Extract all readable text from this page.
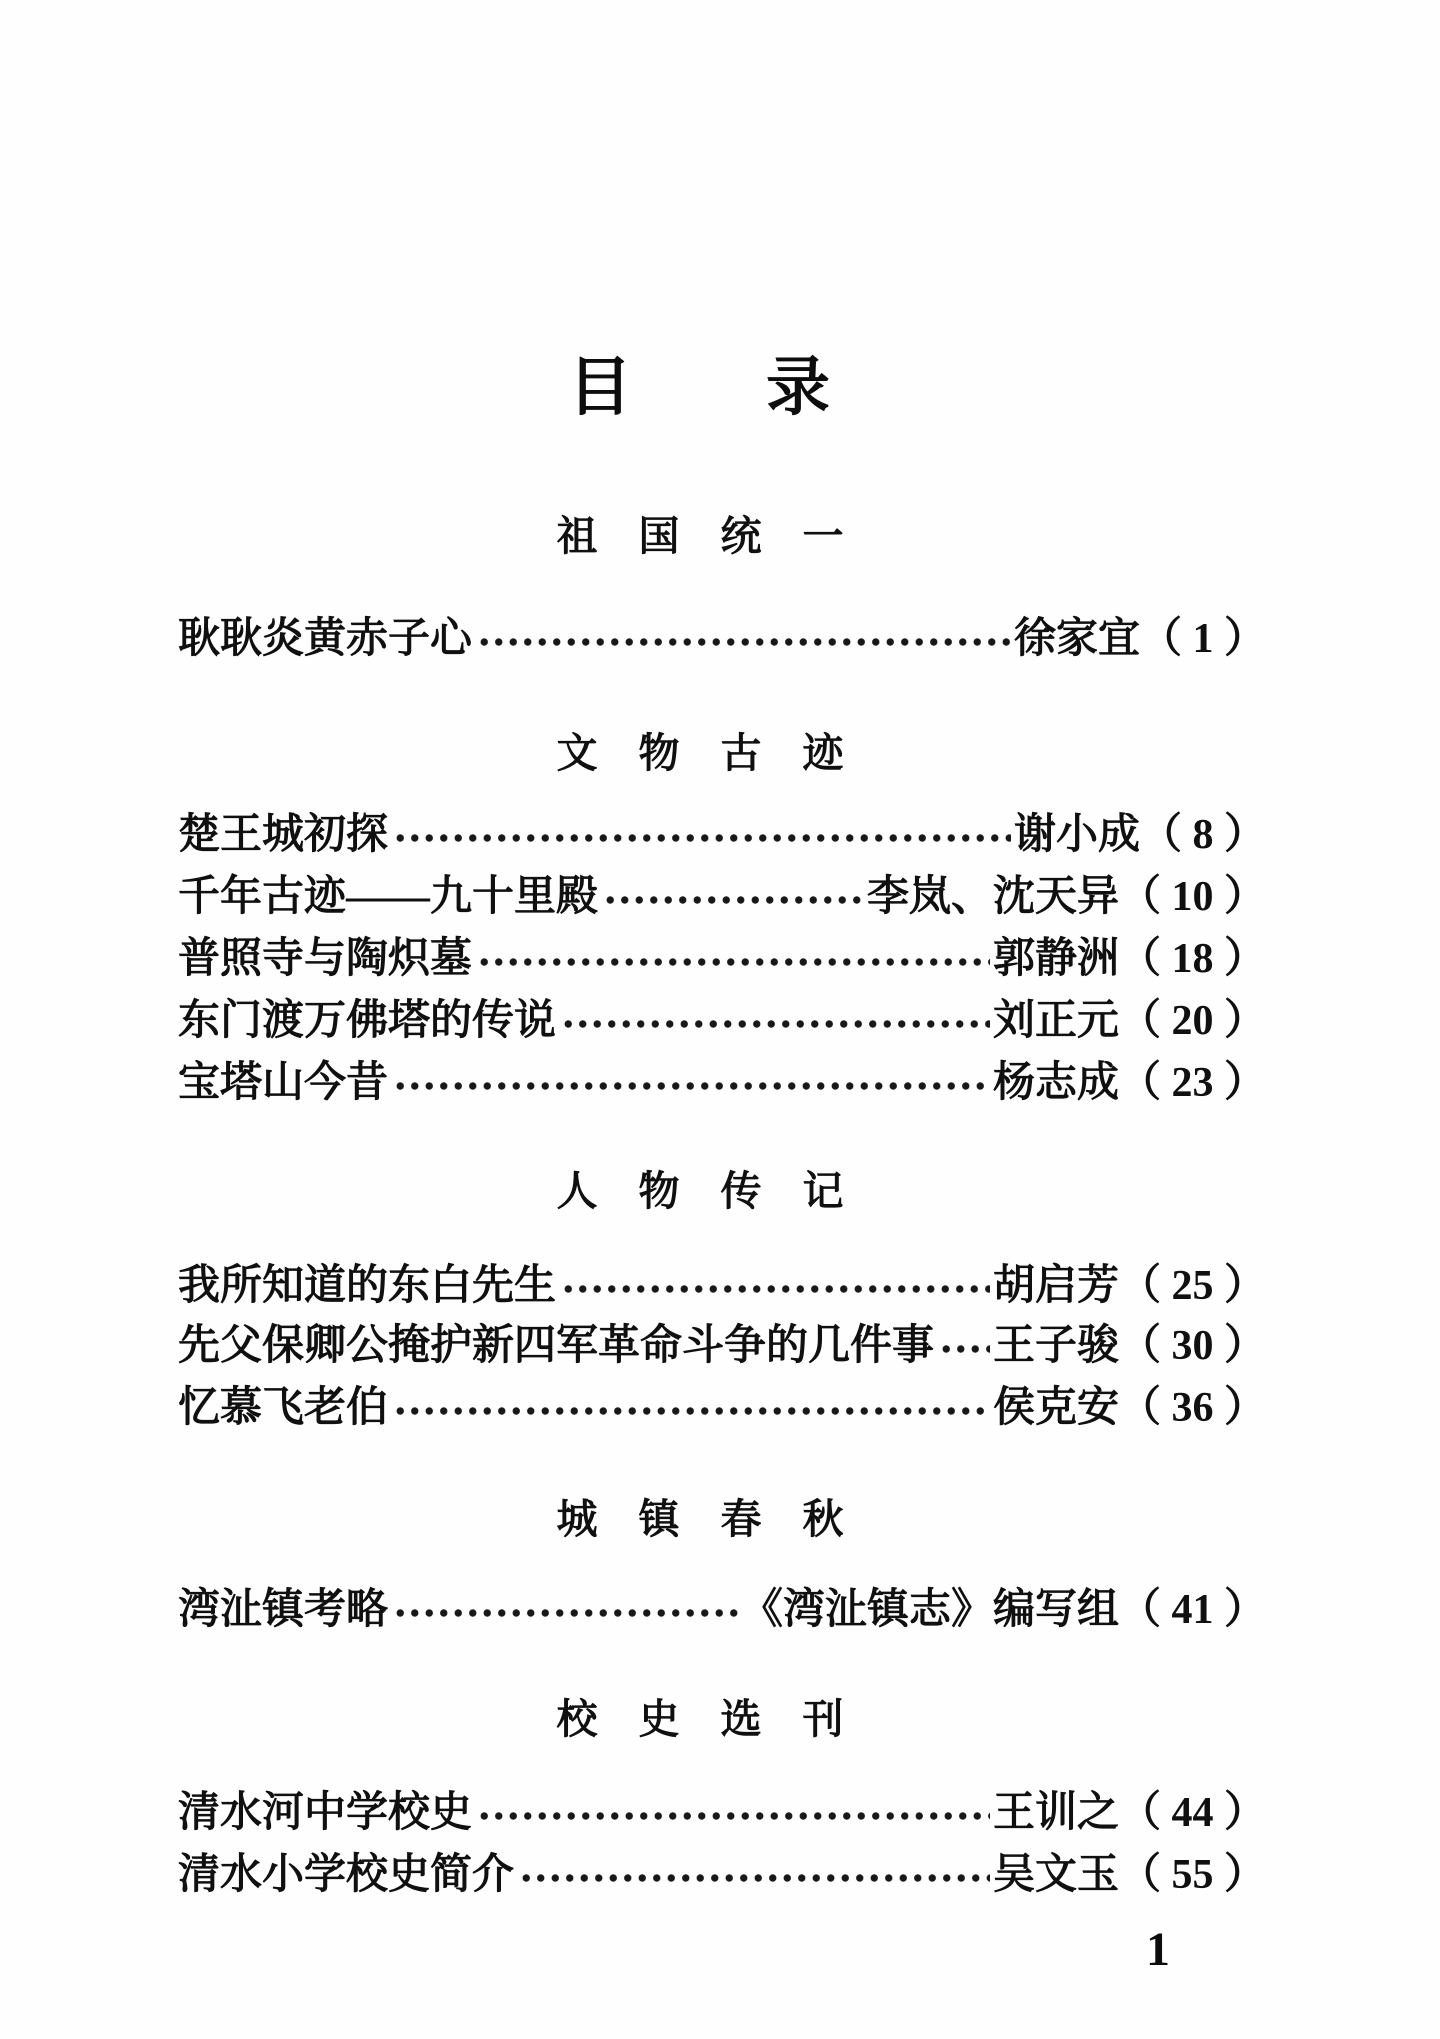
目　　录
祖　国　统　一
耿耿炎黄赤子心	徐家宜 （ 1 ）
文　物　古　迹
楚王城初探	谢小成 （ 8 ）
千年古迹——九十里殿	李岚、沈天异 （ 10 ）
普照寺与陶炽墓	郭静洲 （ 18 ）
东门渡万佛塔的传说	刘正元 （ 20 ）
宝塔山今昔	杨志成 （ 23 ）
人　物　传　记
我所知道的东白先生	胡启芳 （ 25 ）
先父保卿公掩护新四军革命斗争的几件事 王子骏 （ 30 ）
忆慕飞老伯	侯克安 （ 36 ）
城　镇　春　秋
湾沚镇考略	《湾沚镇志》编写组 （ 41 ）
校　史　选　刊
清水河中学校史	王训之 （ 44 ）
清水小学校史简介	吴文玉 （ 55 ）
1
